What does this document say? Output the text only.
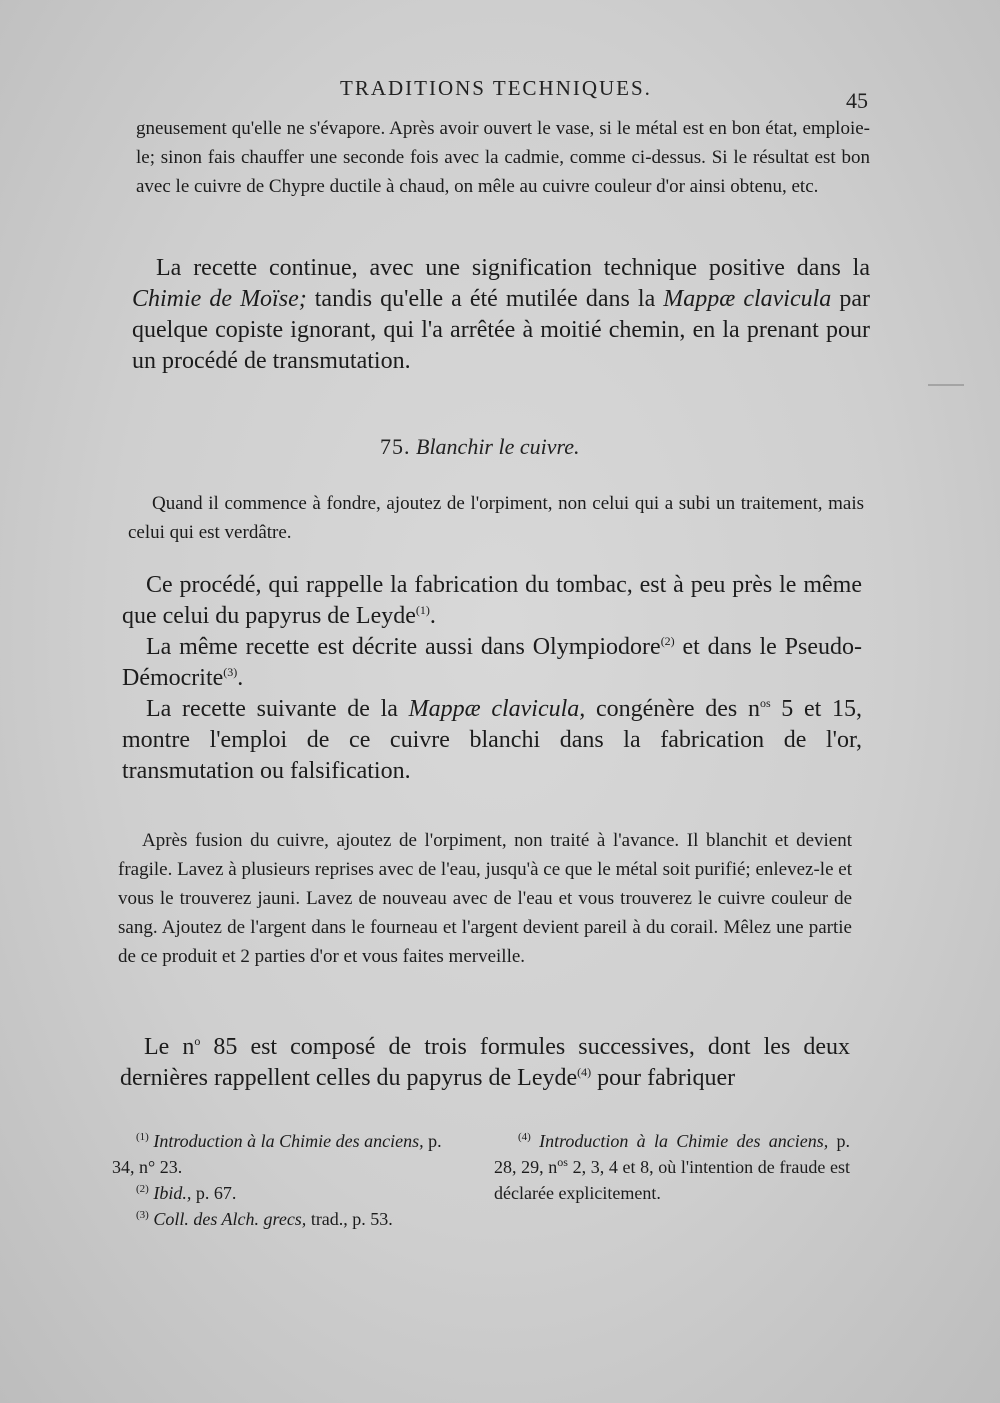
TRADITIONS TECHNIQUES.	45

gneusement qu'elle ne s'évapore. Après avoir ouvert le vase, si le métal est en bon état, emploie-le; sinon fais chauffer une seconde fois avec la cadmie, comme ci-dessus. Si le résultat est bon avec le cuivre de Chypre ductile à chaud, on mêle au cuivre couleur d'or ainsi obtenu, etc.

La recette continue, avec une signification technique positive dans la Chimie de Moïse; tandis qu'elle a été mutilée dans la Mappæ clavicula par quelque copiste ignorant, qui l'a arrêtée à moitié chemin, en la prenant pour un procédé de transmutation.

75. Blanchir le cuivre.

Quand il commence à fondre, ajoutez de l'orpiment, non celui qui a subi un traitement, mais celui qui est verdâtre.

Ce procédé, qui rappelle la fabrication du tombac, est à peu près le même que celui du papyrus de Leyde$^{(1)}$.

La même recette est décrite aussi dans Olympiodore$^{(2)}$ et dans le Pseudo-Démocrite$^{(3)}$.

La recette suivante de la Mappæ clavicula, congénère des $n^{os}$ 5 et 15, montre l'emploi de ce cuivre blanchi dans la fabrication de l'or, transmutation ou falsification.

Après fusion du cuivre, ajoutez de l'orpiment, non traité à l'avance. Il blanchit et devient fragile. Lavez à plusieurs reprises avec de l'eau, jusqu'à ce que le métal soit purifié; enlevez-le et vous le trouverez jauni. Lavez de nouveau avec de l'eau et vous trouverez le cuivre couleur de sang. Ajoutez de l'argent dans le fourneau et l'argent devient pareil à du corail. Mêlez une partie de ce produit et 2 parties d'or et vous faites merveille.

Le $n^o$ 85 est composé de trois formules successives, dont les deux dernières rappellent celles du papyrus de Leyde$^{(4)}$ pour fabriquer

$^{(1)}$ Introduction à la Chimie des anciens, p. 34, n° 23.

$^{(2)}$ Ibid., p. 67.

$^{(3)}$ Coll. des Alch. grecs, trad., p. 53.

$^{(4)}$ Introduction à la Chimie des anciens, p. 28, 29, $n^{os}$ 2, 3, 4 et 8, où l'intention de fraude est déclarée explicitement.
